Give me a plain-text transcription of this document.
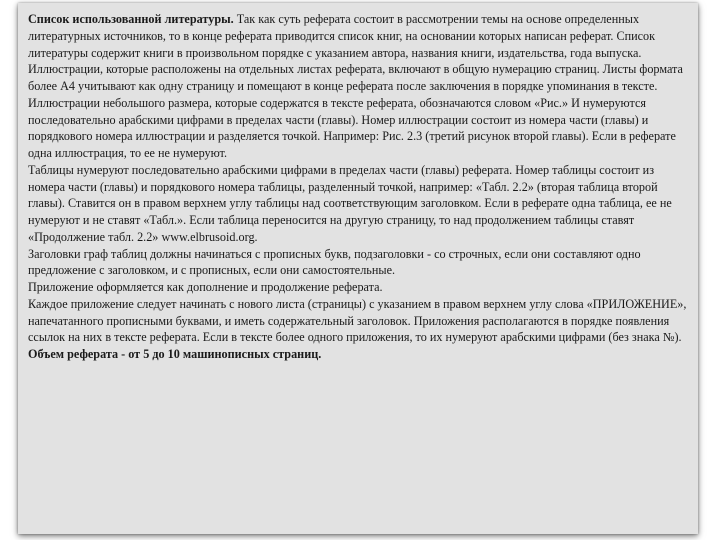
Список использованной литературы. Так как суть реферата состоит в рассмотрении темы на основе определенных литературных источников, то в конце реферата приводится список книг, на основании которых написан реферат. Список литературы содержит книги в произвольном порядке с указанием автора, названия книги, издательства, года выпуска.

Иллюстрации, которые расположены на отдельных листах реферата, включают в общую нумерацию страниц. Листы формата более А4 учитывают как одну страницу и помещают в конце реферата после заключения в порядке упоминания в тексте.

Иллюстрации небольшого размера, которые содержатся в тексте реферата, обозначаются словом «Рис.» И нумеруются последовательно арабскими цифрами в пределах части (главы). Номер иллюстрации состоит из номера части (главы) и порядкового номера иллюстрации и разделяется точкой. Например: Рис. 2.3 (третий рисунок второй главы). Если в реферате одна иллюстрация, то ее не нумеруют.

Таблицы нумеруют последовательно арабскими цифрами в пределах части (главы) реферата. Номер таблицы состоит из номера части (главы) и порядкового номера таблицы, разделенный точкой, например: «Табл. 2.2» (вторая таблица второй главы). Ставится он в правом верхнем углу таблицы над соответствующим заголовком. Если в реферате одна таблица, ее не нумеруют и не ставят «Табл.». Если таблица переносится на другую страницу, то над продолжением таблицы ставят «Продолжение табл. 2.2» www.elbrusoid.org.

Заголовки граф таблиц должны начинаться с прописных букв, подзаголовки - со строчных, если они составляют одно предложение с заголовком, и с прописных, если они самостоятельные.

Приложение оформляется как дополнение и продолжение реферата.

Каждое приложение следует начинать с нового листа (страницы) с указанием в правом верхнем углу слова «ПРИЛОЖЕНИЕ», напечатанного прописными буквами, и иметь содержательный заголовок. Приложения располагаются в порядке появления ссылок на них в тексте реферата. Если в тексте более одного приложения, то их нумеруют арабскими цифрами (без знака №).

Объем реферата - от 5 до 10 машинописных страниц.
